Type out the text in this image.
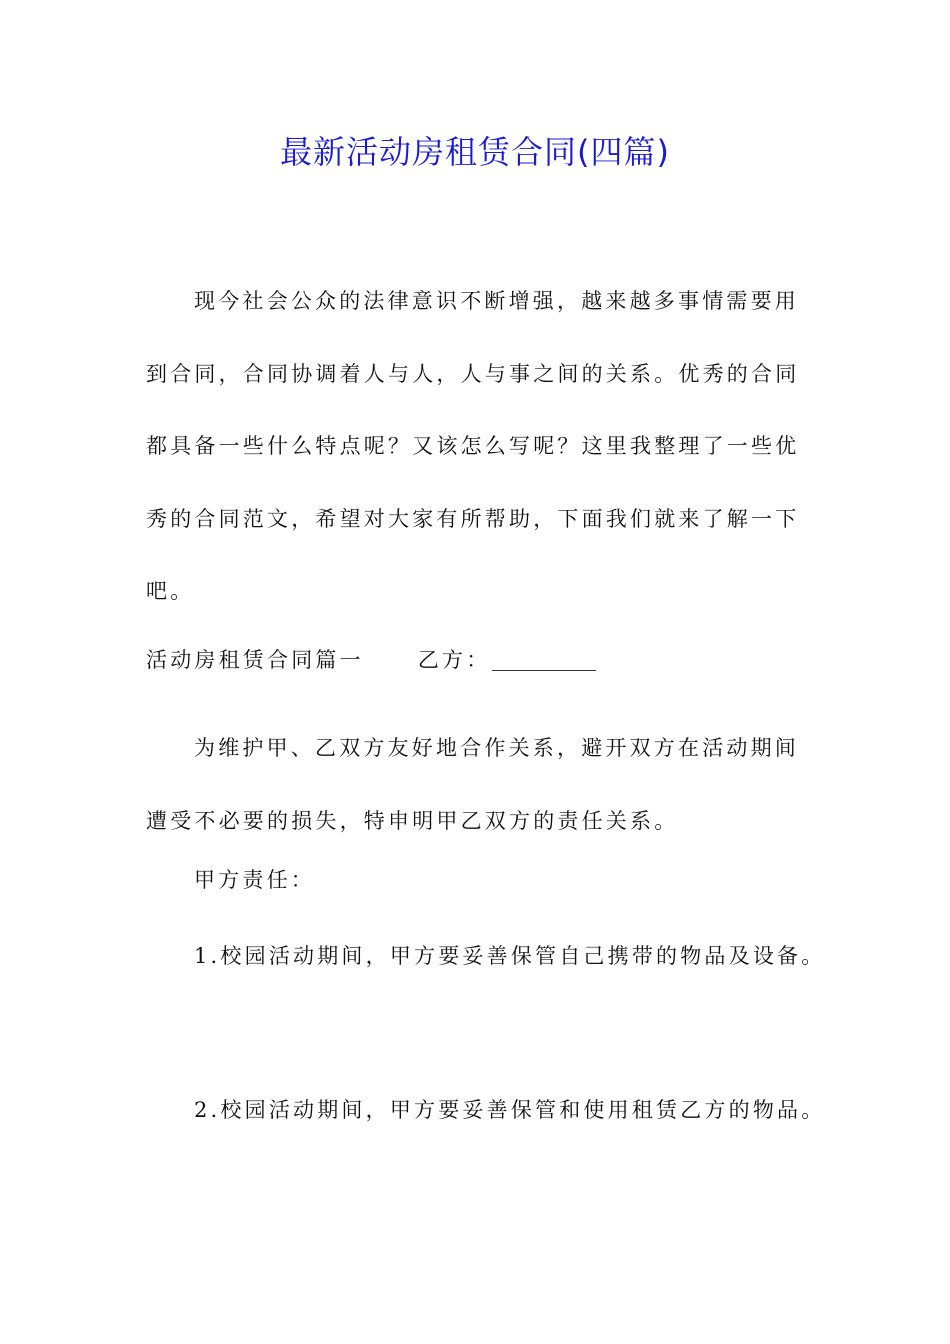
最新活动房租赁合同(四篇)
现今社会公众的法律意识不断增强，越来越多事情需要用到合同，合同协调着人与人，人与事之间的关系。优秀的合同都具备一些什么特点呢？又该怎么写呢？这里我整理了一些优秀的合同范文，希望对大家有所帮助，下面我们就来了解一下吧。
活动房租赁合同篇一	乙方：
为维护甲、乙双方友好地合作关系，避开双方在活动期间遭受不必要的损失，特申明甲乙双方的责任关系。
甲方责任：
1.校园活动期间，甲方要妥善保管自己携带的物品及设备。
2.校园活动期间，甲方要妥善保管和使用租赁乙方的物品。
